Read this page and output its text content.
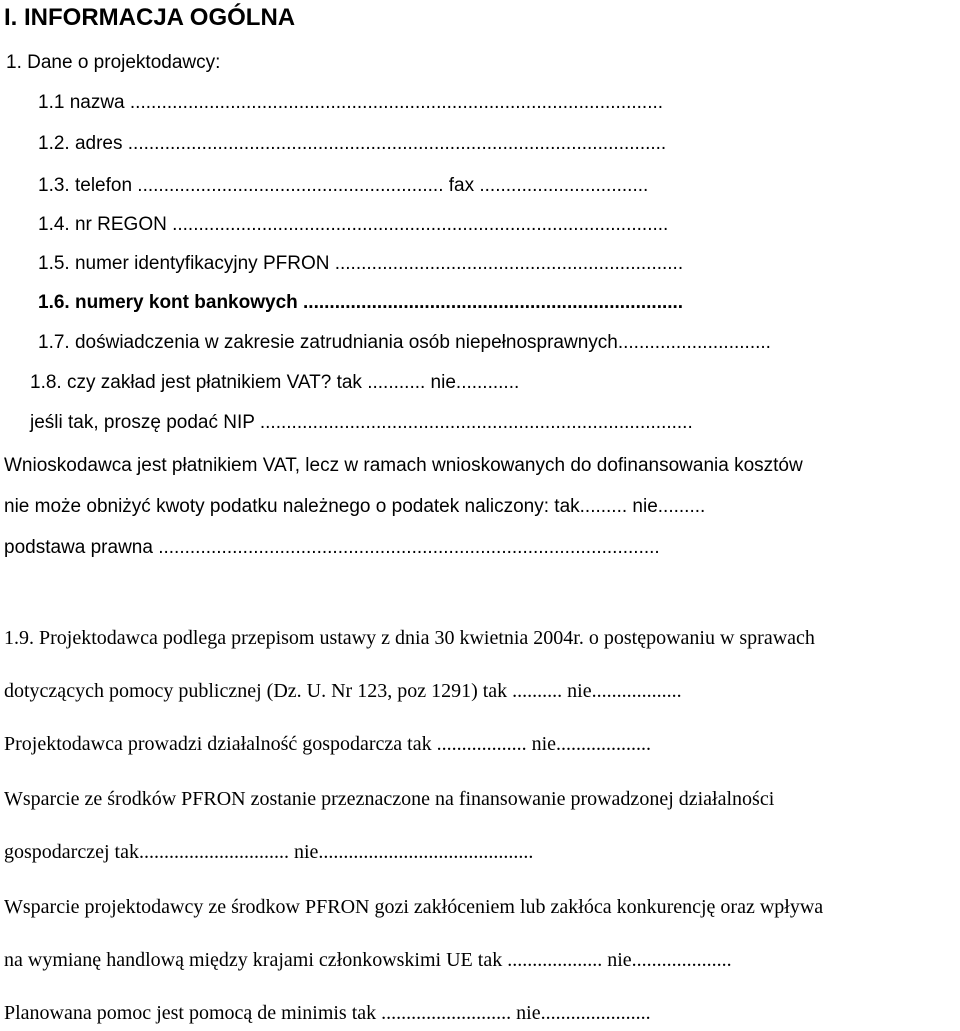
I. INFORMACJA OGÓLNA
1. Dane o projektodawcy:
1.1 nazwa .....................................................................................................
1.2. adres ......................................................................................................
1.3. telefon .......................................................... fax ................................
1.4. nr REGON ..............................................................................................
1.5. numer identyfikacyjny PFRON ..................................................................
1.6. numery kont bankowych ........................................................................
1.7. doświadczenia w zakresie zatrudniania osób niepełnosprawnych.............................
1.8. czy zakład jest płatnikiem VAT? tak ........... nie............
jeśli tak, proszę podać NIP ..................................................................................
Wnioskodawca jest płatnikiem VAT, lecz w ramach wnioskowanych do dofinansowania kosztów
nie może obniżyć kwoty podatku należnego o podatek naliczony: tak......... nie.........
podstawa prawna ...............................................................................................
1.9. Projektodawca podlega przepisom ustawy z dnia 30 kwietnia 2004r. o postępowaniu w sprawach
dotyczących pomocy publicznej (Dz. U. Nr 123, poz 1291) tak .......... nie..................
Projektodawca prowadzi działalność gospodarcza tak .................. nie...................
Wsparcie ze środków PFRON zostanie przeznaczone na finansowanie prowadzonej działalności
gospodarczej tak.............................. nie...........................................
Wsparcie projektodawcy ze środkow PFRON gozi zakłóceniem lub zakłóca konkurencję oraz wpływa
na wymianę handlową między krajami członkowskimi UE tak ................... nie....................
Planowana pomoc jest pomocą de minimis tak .......................... nie......................
